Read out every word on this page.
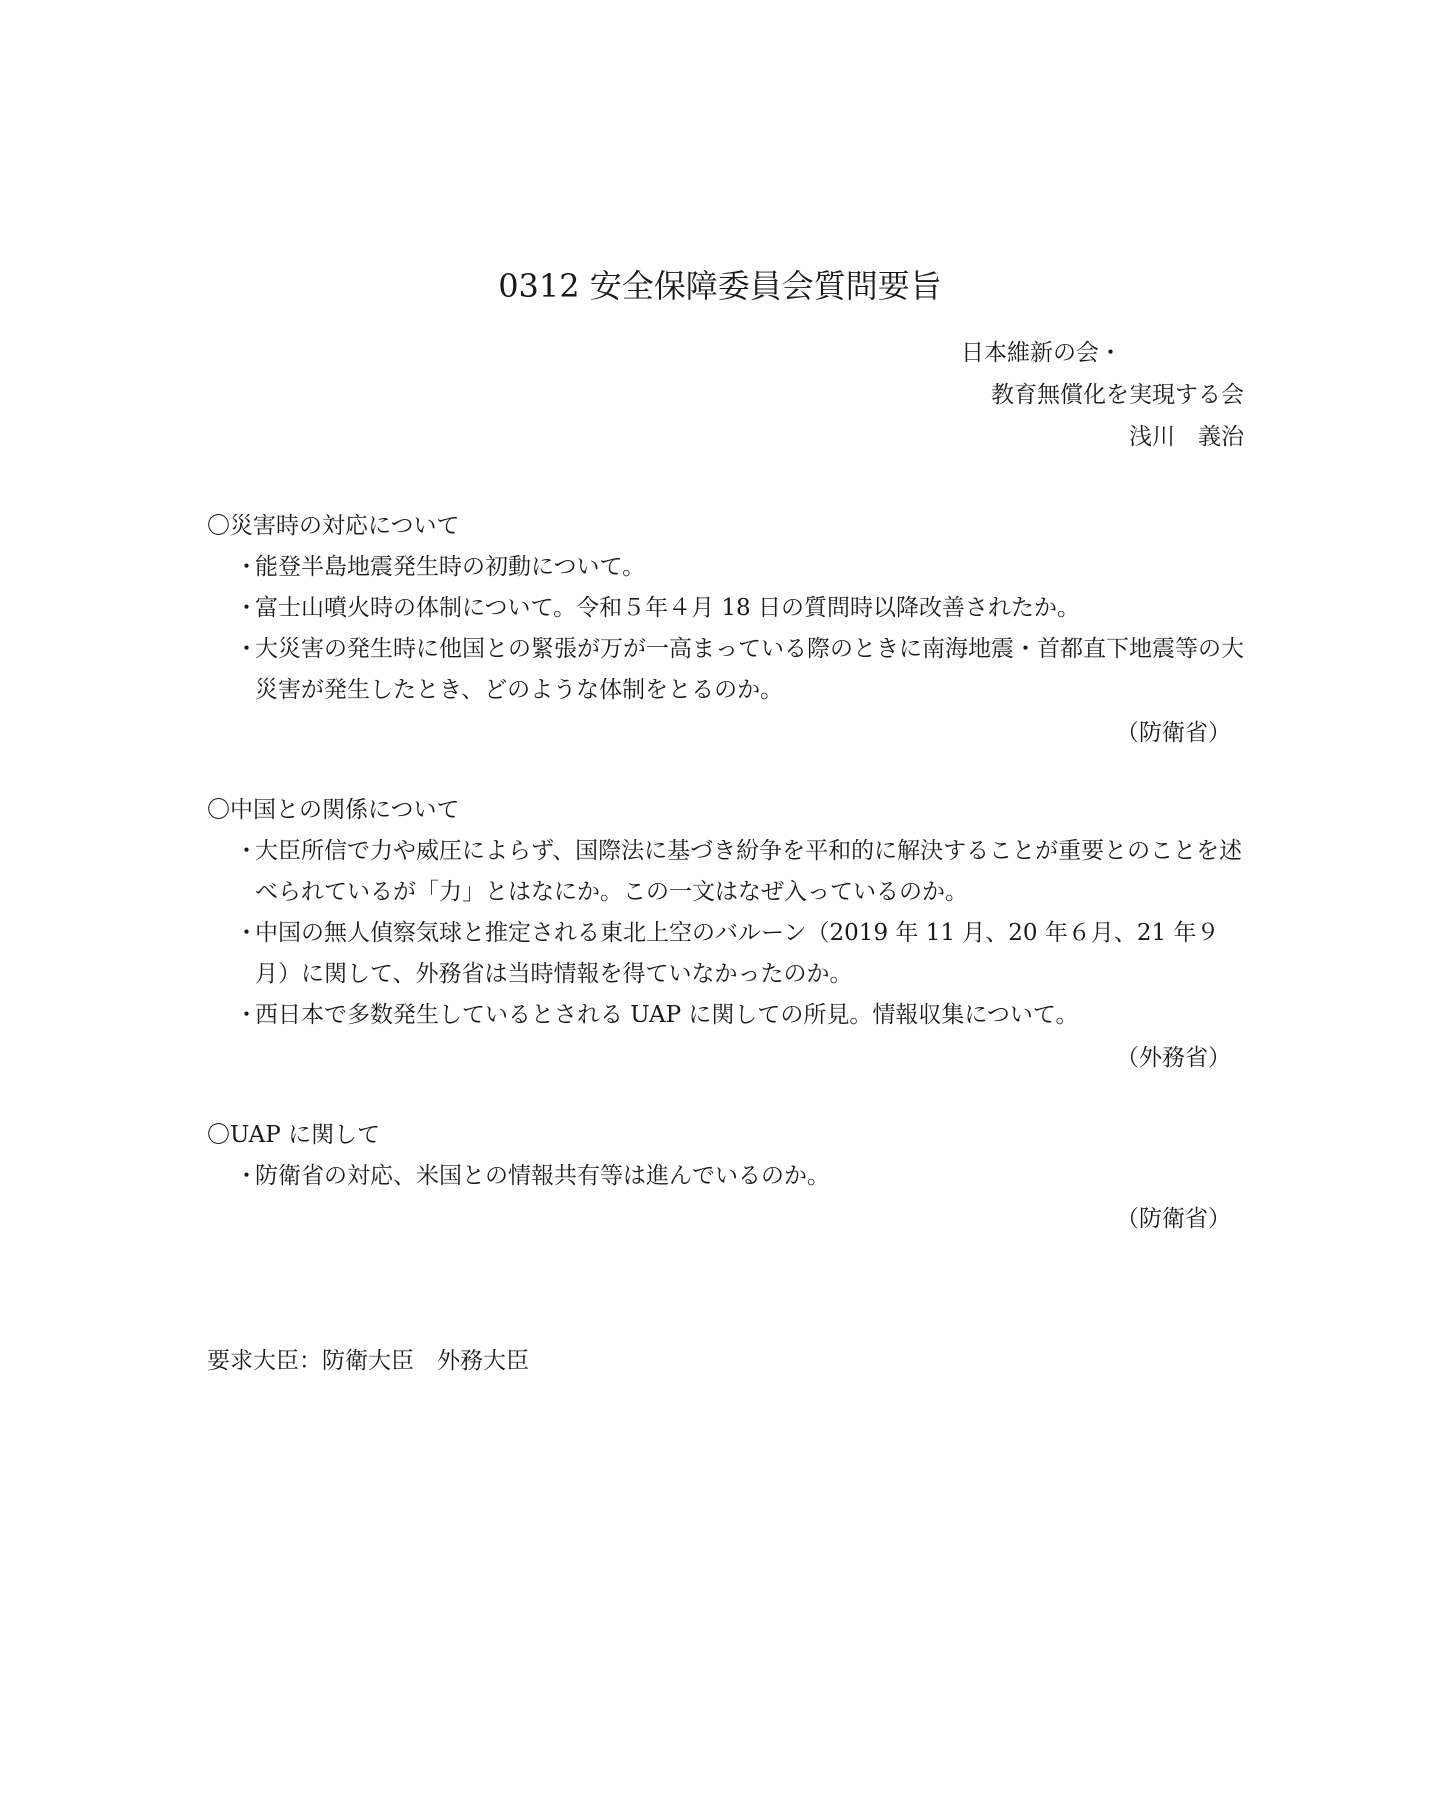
0312 安全保障委員会質問要旨
日本維新の会・
教育無償化を実現する会
浅川　義治
〇災害時の対応について
・
能登半島地震発生時の初動について。
・
富士山噴火時の体制について。令和５年４月 18 日の質問時以降改善されたか。
・
大災害の発生時に他国との緊張が万が一高まっている際のときに南海地震・首都直下地震等の大災害が発生したとき、どのような体制をとるのか。
（防衛省）
〇中国との関係について
・
大臣所信で力や威圧によらず、国際法に基づき紛争を平和的に解決することが重要とのことを述べられているが「力」とはなにか。この一文はなぜ入っているのか。
・
中国の無人偵察気球と推定される東北上空のバルーン（2019 年 11 月、20 年６月、21 年９月）に関して、外務省は当時情報を得ていなかったのか。
・
西日本で多数発生しているとされる UAP に関しての所見。情報収集について。
（外務省）
〇UAP に関して
・
防衛省の対応、米国との情報共有等は進んでいるのか。
（防衛省）
要求大臣：防衛大臣　外務大臣
